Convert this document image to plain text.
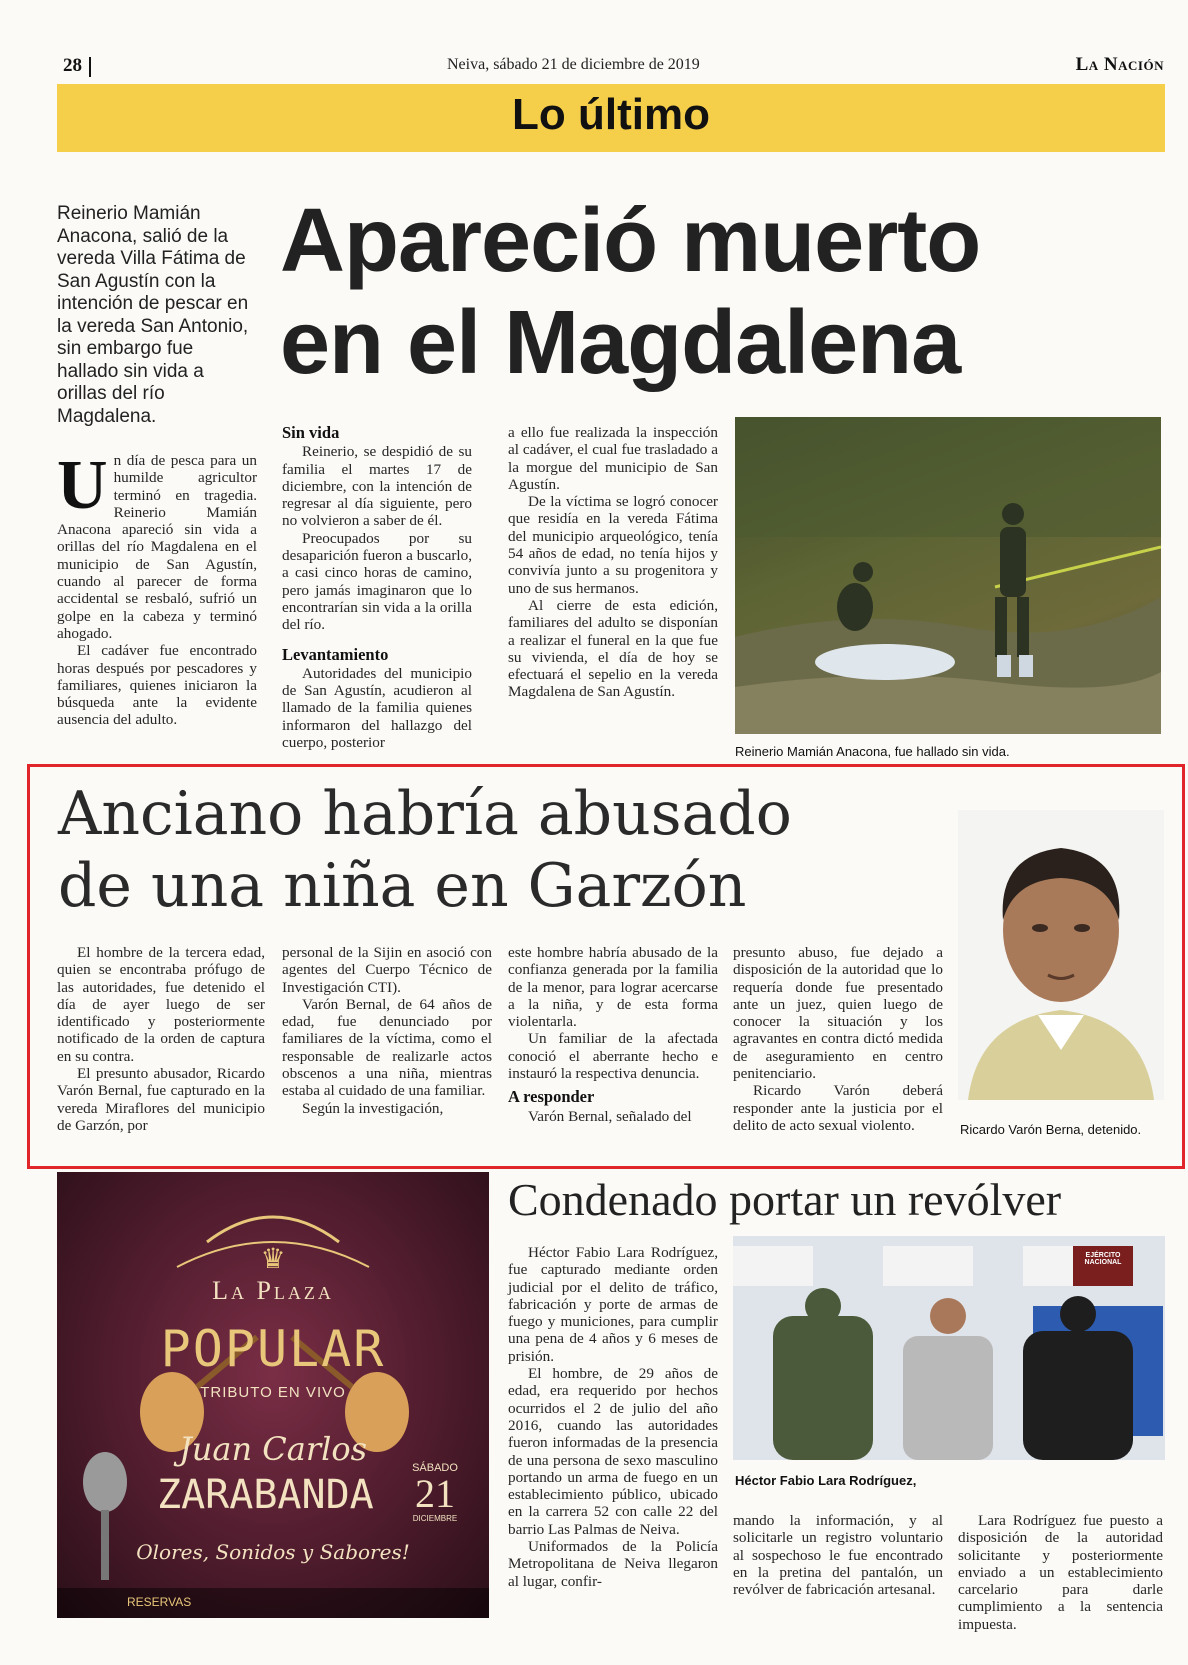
28	Neiva, sábado 21 de diciembre de 2019	La Nación
Lo último
Reinerio Mamián Anacona, salió de la vereda Villa Fátima de San Agustín con la intención de pescar en la vereda San Antonio, sin embargo fue hallado sin vida a orillas del río Magdalena.
Apareció muerto
en el Magdalena
U n día de pesca para un humilde agricultor terminó en tragedia. Reinerio Mamián Anacona apareció sin vida a orillas del río Magdalena en el municipio de San Agustín, cuando al parecer de forma accidental se resbaló, sufrió un golpe en la cabeza y terminó ahogado.

El cadáver fue encontrado horas después por pescadores y familiares, quienes iniciaron la búsqueda ante la evidente ausencia del adulto.

Sin vida

Reinerio, se despidió de su familia el martes 17 de diciembre, con la intención de regresar al día siguiente, pero no volvieron a saber de él.

Preocupados por su desaparición fueron a buscarlo, a casi cinco horas de camino, pero jamás imaginaron que lo encontrarían sin vida a la orilla del río.

Levantamiento

Autoridades del municipio de San Agustín, acudieron al llamado de la familia quienes informaron del hallazgo del cuerpo, posterior

a ello fue realizada la inspección al cadáver, el cual fue trasladado a la morgue del municipio de San Agustín.

De la víctima se logró conocer que residía en la vereda Fátima del municipio arqueológico, tenía 54 años de edad, no tenía hijos y convivía junto a su progenitora y uno de sus hermanos.

Al cierre de esta edición, familiares del adulto se disponían a realizar el funeral en la que fue su vivienda, el día de hoy se efectuará el sepelio en la vereda Magdalena de San Agustín.

Reinerio Mamián Anacona, fue hallado sin vida.
Anciano habría abusado
de una niña en Garzón

El hombre de la tercera edad, quien se encontraba prófugo de las autoridades, fue detenido el día de ayer luego de ser identificado y posteriormente notificado de la orden de captura en su contra.

El presunto abusador, Ricardo Varón Bernal, fue capturado en la vereda Miraflores del municipio de Garzón, por

personal de la Sijin en asoció con agentes del Cuerpo Técnico de Investigación CTI).

Varón Bernal, de 64 años de edad, fue denunciado por familiares de la víctima, como el responsable de realizarle actos obscenos a una niña, mientras estaba al cuidado de una familiar.

Según la investigación,

este hombre habría abusado de la confianza generada por la familia de la menor, para lograr acercarse a la niña, y de esta forma violentarla.

Un familiar de la afectada conoció el aberrante hecho e instauró la respectiva denuncia.

A responder

Varón Bernal, señalado del

presunto abuso, fue dejado a disposición de la autoridad que lo requería donde fue presentado ante un juez, quien luego de conocer la situación y los agravantes en contra dictó medida de aseguramiento en centro penitenciario.

Ricardo Varón deberá responder ante la justicia por el delito de acto sexual violento.	Ricardo Varón Berna, detenido.
♛
La Plaza
POPULAR
TRIBUTO EN VIVO
Juan Carlos
ZARABANDA
SÁBADO
21
DICIEMBRE
Olores, Sonidos y Sabores!
RESERVAS
Condenado portar un revólver

Héctor Fabio Lara Rodríguez, fue capturado mediante orden judicial por el delito de tráfico, fabricación y porte de armas de fuego y municiones, para cumplir una pena de 4 años y 6 meses de prisión.

El hombre, de 29 años de edad, era requerido por hechos ocurridos el 2 de julio del año 2016, cuando las autoridades fueron informadas de la presencia de una persona de sexo masculino portando un arma de fuego en un establecimiento público, ubicado en la carrera 52 con calle 22 del barrio Las Palmas de Neiva.

Uniformados de la Policía Metropolitana de Neiva llegaron al lugar, confir-

EJÉRCITO NACIONAL
Héctor Fabio Lara Rodríguez,

mando la información, y al solicitarle un registro voluntario al sospechoso le fue encontrado en la pretina del pantalón, un revólver de fabricación artesanal.

Lara Rodríguez fue puesto a disposición de la autoridad solicitante y posteriormente enviado a un establecimiento carcelario para darle cumplimiento a la sentencia impuesta.
